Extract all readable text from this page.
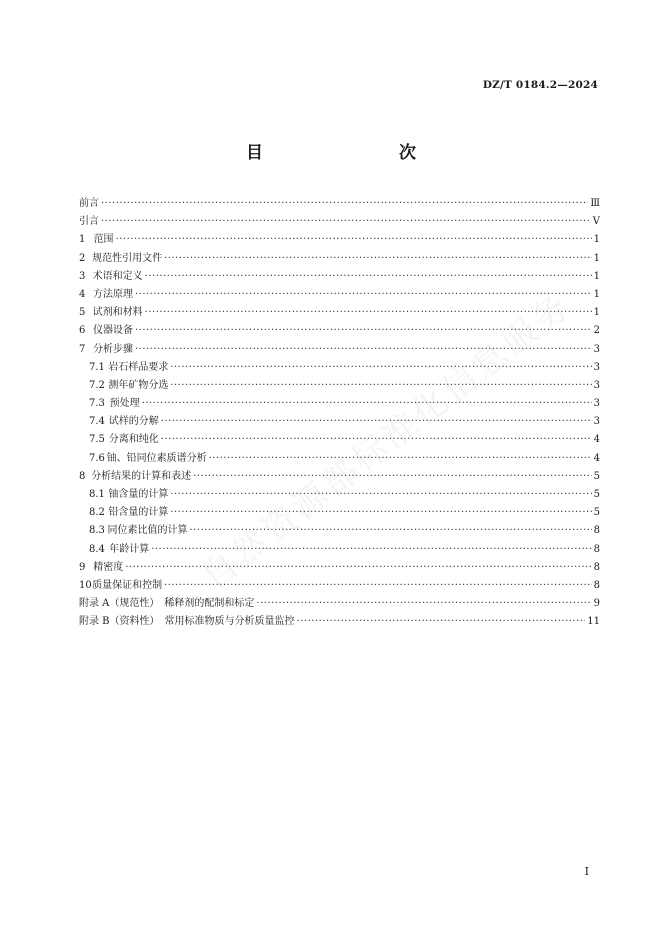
DZ/T 0184.2—2024
目　　次
前言 ·····	Ⅲ
引言 ·····	Ⅴ
1 范围 ·····	1
2 规范性引用文件 ·····	1
3 术语和定义 ·····	1
4 方法原理 ·····	1
5 试剂和材料 ·····	1
6 仪器设备 ·····	2
7 分析步骤 ·····	3
7.1 岩石样品要求 ·····	3
7.2 测年矿物分选 ·····	3
7.3 预处理 ·····	3
7.4 试样的分解 ·····	3
7.5 分离和纯化 ·····	4
7.6 铀、铅同位素质谱分析 ·····	4
8 分析结果的计算和表述 ·····	5
8.1 铀含量的计算 ·····	5
8.2 铅含量的计算 ·····	5
8.3 同位素比值的计算 ·····	8
8.4 年龄计算 ·····	8
9 精密度 ·····	8
10 质量保证和控制 ·····	8
附录 A（规范性）　稀释剂的配制和标定 ·····	9
附录 B（资料性）　常用标准物质与分析质量监控 ·····	11
自然资源部标准化信息服务
I
